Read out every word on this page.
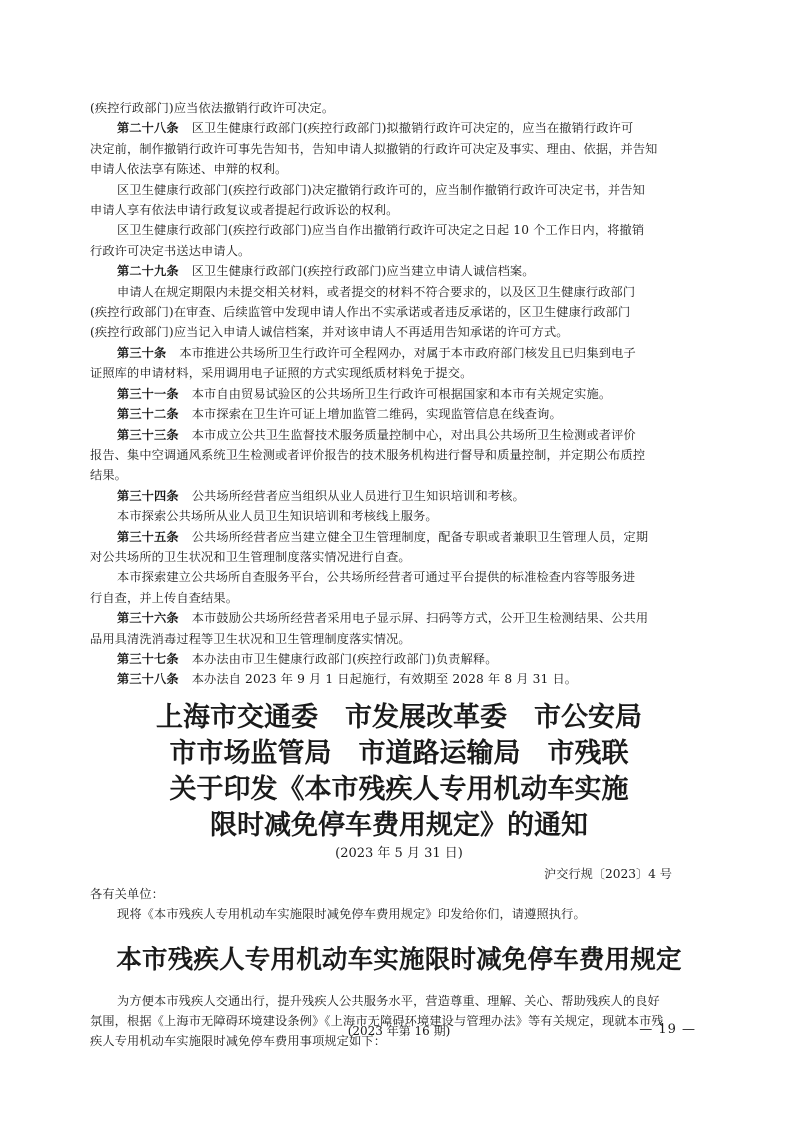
(疾控行政部门)应当依法撤销行政许可决定。

第二十八条 区卫生健康行政部门(疾控行政部门)拟撤销行政许可决定的，应当在撤销行政许可

决定前，制作撤销行政许可事先告知书，告知申请人拟撤销的行政许可决定及事实、理由、依据，并告知

申请人依法享有陈述、申辩的权利。

区卫生健康行政部门(疾控行政部门)决定撤销行政许可的，应当制作撤销行政许可决定书，并告知

申请人享有依法申请行政复议或者提起行政诉讼的权利。

区卫生健康行政部门(疾控行政部门)应当自作出撤销行政许可决定之日起 10 个工作日内，将撤销

行政许可决定书送达申请人。

第二十九条 区卫生健康行政部门(疾控行政部门)应当建立申请人诚信档案。

申请人在规定期限内未提交相关材料，或者提交的材料不符合要求的，以及区卫生健康行政部门

(疾控行政部门)在审查、后续监管中发现申请人作出不实承诺或者违反承诺的，区卫生健康行政部门

(疾控行政部门)应当记入申请人诚信档案，并对该申请人不再适用告知承诺的许可方式。

第三十条 本市推进公共场所卫生行政许可全程网办，对属于本市政府部门核发且已归集到电子

证照库的申请材料，采用调用电子证照的方式实现纸质材料免于提交。

第三十一条 本市自由贸易试验区的公共场所卫生行政许可根据国家和本市有关规定实施。

第三十二条 本市探索在卫生许可证上增加监管二维码，实现监管信息在线查询。

第三十三条 本市成立公共卫生监督技术服务质量控制中心，对出具公共场所卫生检测或者评价

报告、集中空调通风系统卫生检测或者评价报告的技术服务机构进行督导和质量控制，并定期公布质控

结果。

第三十四条 公共场所经营者应当组织从业人员进行卫生知识培训和考核。

本市探索公共场所从业人员卫生知识培训和考核线上服务。

第三十五条 公共场所经营者应当建立健全卫生管理制度，配备专职或者兼职卫生管理人员，定期

对公共场所的卫生状况和卫生管理制度落实情况进行自查。

本市探索建立公共场所自查服务平台，公共场所经营者可通过平台提供的标准检查内容等服务进

行自查，并上传自查结果。

第三十六条 本市鼓励公共场所经营者采用电子显示屏、扫码等方式，公开卫生检测结果、公共用

品用具清洗消毒过程等卫生状况和卫生管理制度落实情况。

第三十七条 本办法由市卫生健康行政部门(疾控行政部门)负责解释。

第三十八条 本办法自 2023 年 9 月 1 日起施行，有效期至 2028 年 8 月 31 日。

上海市交通委　市发展改革委　市公安局

市市场监管局　市道路运输局　市残联

关于印发《本市残疾人专用机动车实施

限时减免停车费用规定》的通知

(2023 年 5 月 31 日)

沪交行规〔2023〕4 号

各有关单位：

现将《本市残疾人专用机动车实施限时减免停车费用规定》印发给你们，请遵照执行。

本市残疾人专用机动车实施限时减免停车费用规定

为方便本市残疾人交通出行，提升残疾人公共服务水平，营造尊重、理解、关心、帮助残疾人的良好

氛围，根据《上海市无障碍环境建设条例》《上海市无障碍环境建设与管理办法》等有关规定，现就本市残

疾人专用机动车实施限时减免停车费用事项规定如下：

(2023 年第 16 期)	— 19 —
